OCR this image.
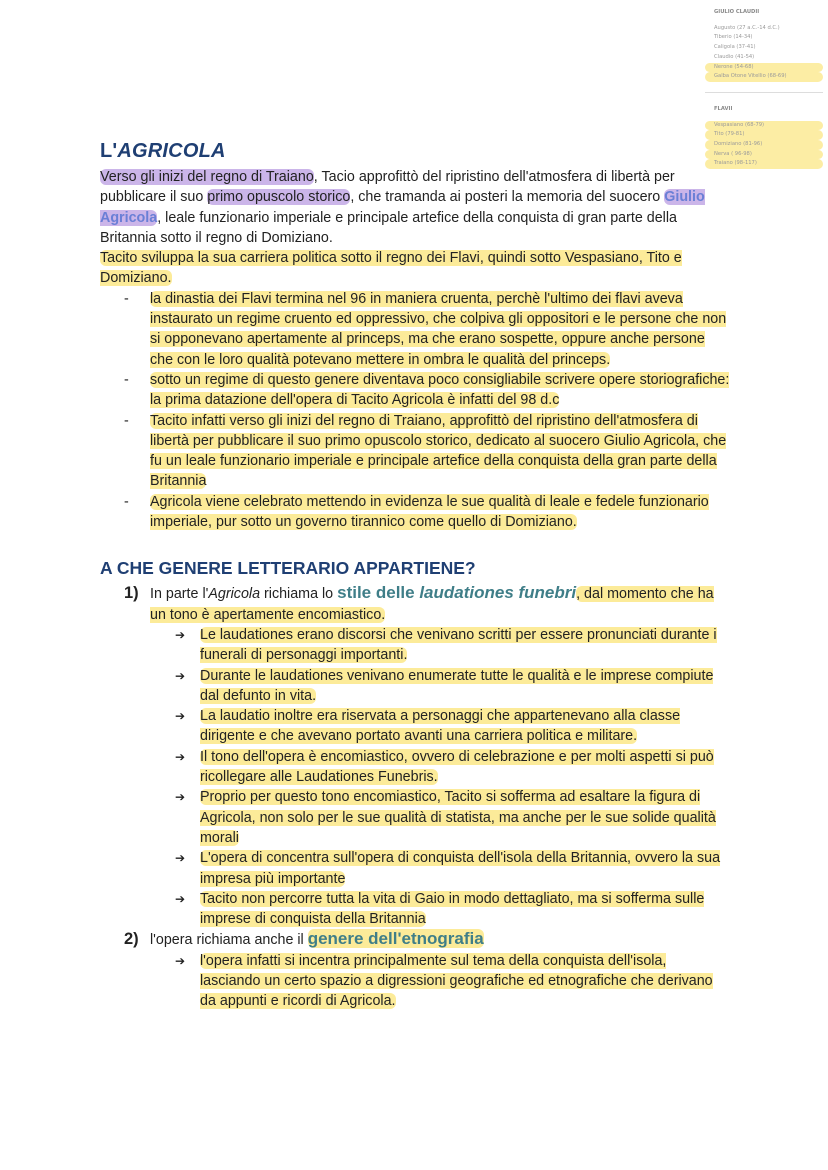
GIULIO CLAUDII
Augusto (27 a.C.-14 d.C.)
Tiberio (14-34)
Caligola (37-41)
Claudio (41-54)
Nerone (54-68)
Galba Otone Vitellio (68-69)
FLAVII
Vespasiano (68-79)
Tito (79-81)
Domiziano (81-96)
Nerva ( 96-98)
Traiano (98-117)
L'AGRICOLA

Verso gli inizi del regno di Traiano, Tacio approfittò del ripristino dell'atmosfera di libertà per pubblicare il suo primo opuscolo storico, che tramanda ai posteri la memoria del suocero Giulio Agricola, leale funzionario imperiale e principale artefice della conquista di gran parte della Britannia sotto il regno di Domiziano.

Tacito sviluppa la sua carriera politica sotto il regno dei Flavi, quindi sotto Vespasiano, Tito e Domiziano.

- la dinastia dei Flavi termina nel 96 in maniera cruenta, perchè l'ultimo dei flavi aveva instaurato un regime cruento ed oppressivo, che colpiva gli oppositori e le persone che non si opponevano apertamente al princeps, ma che erano sospette, oppure anche persone che con le loro qualità potevano mettere in ombra le qualità del princeps.
- sotto un regime di questo genere diventava poco consigliabile scrivere opere storiografiche: la prima datazione dell'opera di Tacito Agricola è infatti del 98 d.c
- Tacito infatti verso gli inizi del regno di Traiano, approfittò del ripristino dell'atmosfera di libertà per pubblicare il suo primo opuscolo storico, dedicato al suocero Giulio Agricola, che fu un leale funzionario imperiale e principale artefice della conquista della gran parte della Britannia
- Agricola viene celebrato mettendo in evidenza le sue qualità di leale e fedele funzionario imperiale, pur sotto un governo tirannico come quello di Domiziano.
A CHE GENERE LETTERARIO APPARTIENE?
1) In parte l'Agricola richiama lo stile delle laudationes funebri, dal momento che ha un tono è apertamente encomiastico.
➔ Le laudationes erano discorsi che venivano scritti per essere pronunciati durante i funerali di personaggi importanti.
➔ Durante le laudationes venivano enumerate tutte le qualità e le imprese compiute dal defunto in vita.
➔ La laudatio inoltre era riservata a personaggi che appartenevano alla classe dirigente e che avevano portato avanti una carriera politica e militare.
➔ Il tono dell'opera è encomiastico, ovvero di celebrazione e per molti aspetti si può ricollegare alle Laudationes Funebris.
➔ Proprio per questo tono encomiastico, Tacito si sofferma ad esaltare la figura di Agricola, non solo per le sue qualità di statista, ma anche per le sue solide qualità morali
➔ L'opera di concentra sull'opera di conquista dell'isola della Britannia, ovvero la sua impresa più importante
➔ Tacito non percorre tutta la vita di Gaio in modo dettagliato, ma si sofferma sulle imprese di conquista della Britannia
2) l'opera richiama anche il genere dell'etnografia
➔ l'opera infatti si incentra principalmente sul tema della conquista dell'isola, lasciando un certo spazio a digressioni geografiche ed etnografiche che derivano da appunti e ricordi di Agricola.
